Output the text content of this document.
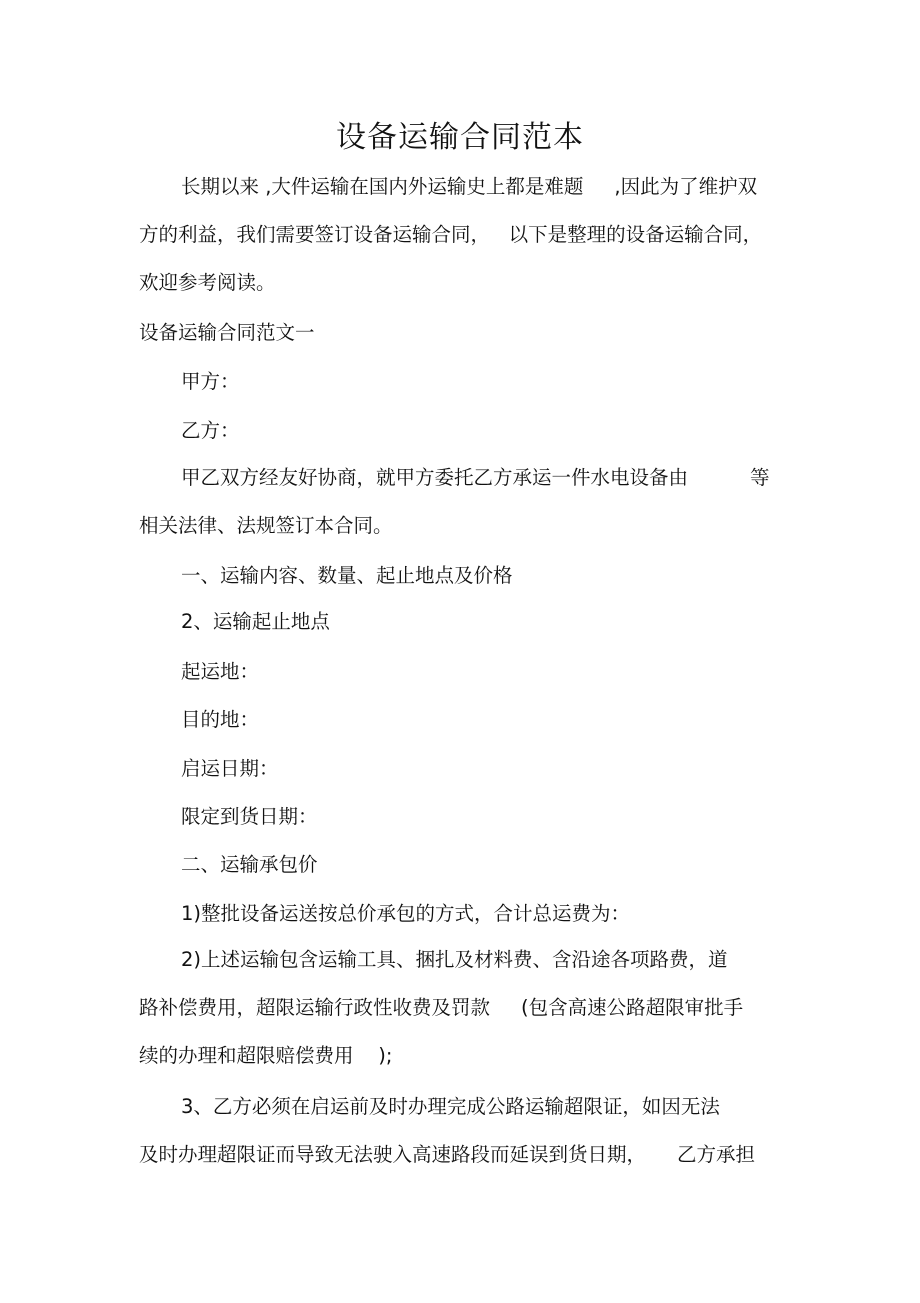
设备运输合同范本
长期以来 ,大件运输在国内外运输史上都是难题     ,因此为了维护双
方的利益，我们需要签订设备运输合同，   以下是整理的设备运输合同，
欢迎参考阅读。
设备运输合同范文一
甲方：
乙方：
甲乙双方经友好协商，就甲方委托乙方承运一件水电设备由          等
相关法律、法规签订本合同。
一、运输内容、数量、起止地点及价格
2、运输起止地点
起运地：
目的地：
启运日期：
限定到货日期：
二、运输承包价
1)整批设备运送按总价承包的方式，合计总运费为：
2)上述运输包含运输工具、捆扎及材料费、含沿途各项路费，道
路补偿费用，超限运输行政性收费及罚款     (包含高速公路超限审批手
续的办理和超限赔偿费用    );
3、乙方必须在启运前及时办理完成公路运输超限证，如因无法
及时办理超限证而导致无法驶入高速路段而延误到货日期，     乙方承担
